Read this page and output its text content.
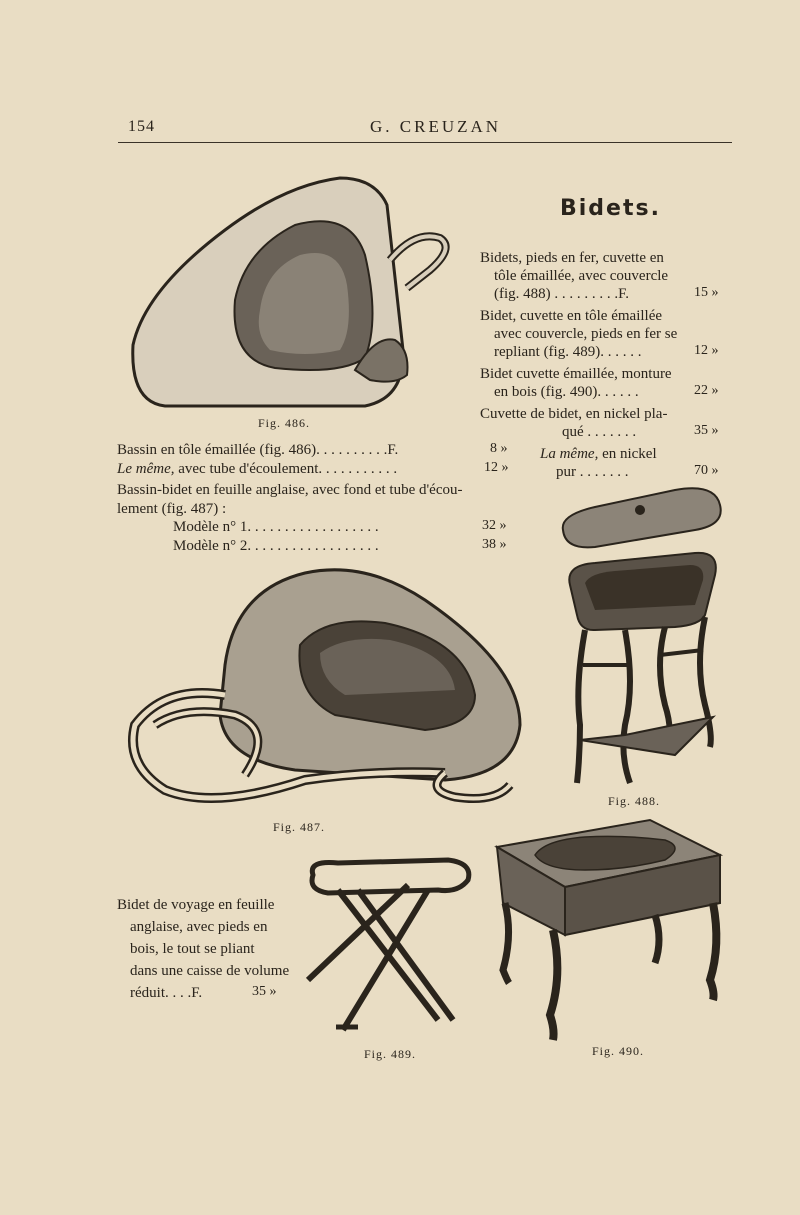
154	G. CREUZAN
Bidets.
Fig. 486.
Bassin en tôle émaillée (fig. 486). . . . . . . . . .F.	8 »
Le même, avec tube d'écoulement. . . . . . . . . . .	12 »
Bassin-bidet en feuille anglaise, avec fond et tube d'écou-
lement (fig. 487) :
Modèle n° 1. . . . . . . . . . . . . . . . . .	32 »
Modèle n° 2. . . . . . . . . . . . . . . . . .	38 »
Bidets, pieds en fer, cuvette en
tôle émaillée, avec couvercle
(fig. 488) . . . . . . . . .F.	15 »
Bidet, cuvette en tôle émaillée
avec couvercle, pieds en fer se
repliant (fig. 489). . . . . .	12 »
Bidet cuvette émaillée, monture
en bois (fig. 490). . . . . .	22 »
Cuvette de bidet, en nickel pla-
qué . . . . . . .	35 »
La même, en nickel
pur . . . . . . .	70 »
Fig. 488.
Fig. 487.
Bidet de voyage en feuille
anglaise, avec pieds en
bois, le tout se pliant
dans une caisse de volume
réduit. . . .F.	35 »
Fig. 489.	Fig. 490.
